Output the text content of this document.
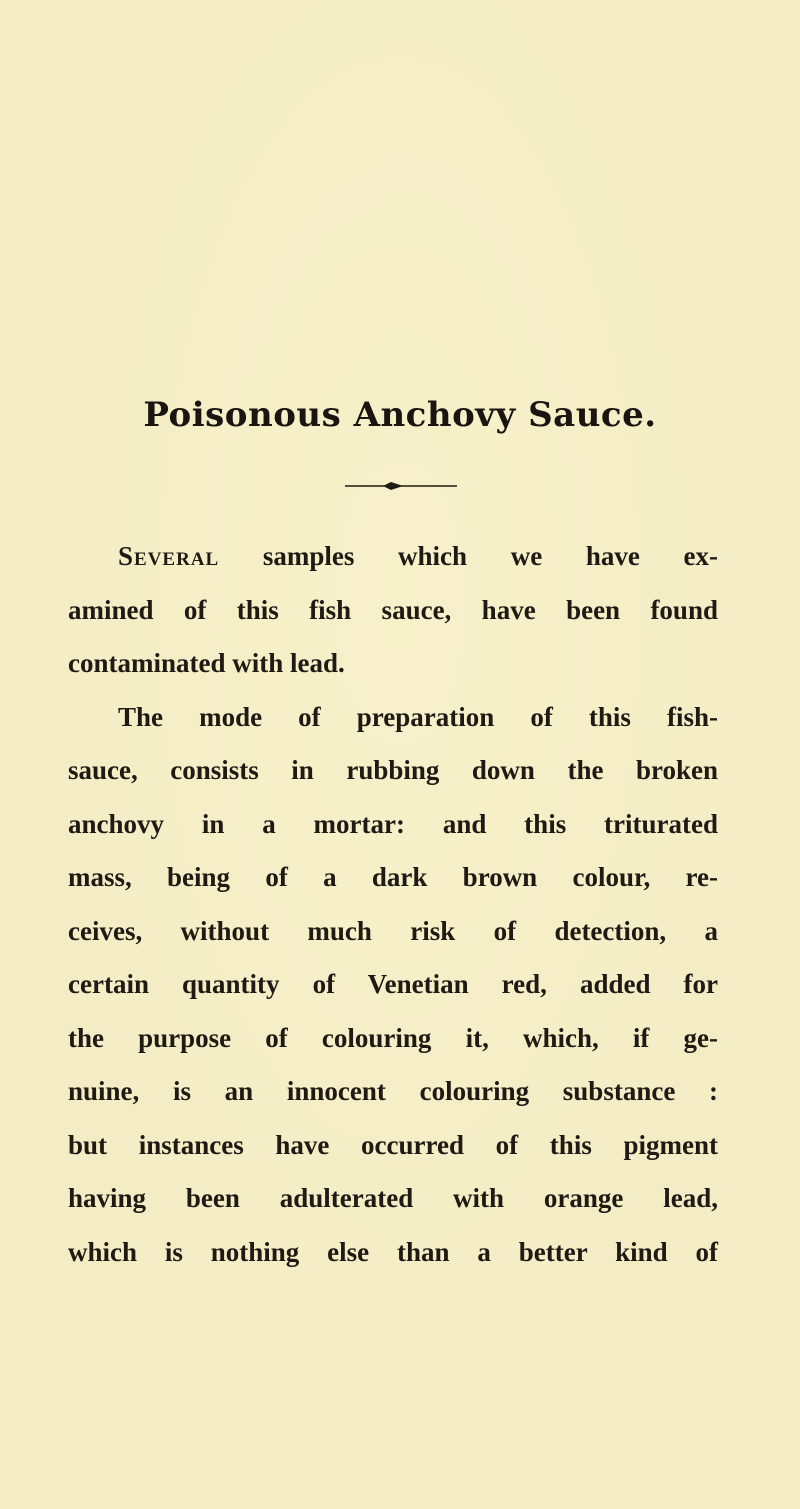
Poisonous Anchovy Sauce.
Several samples which we have ex-
amined of this fish sauce, have been found
contaminated with lead.
The mode of preparation of this fish-
sauce, consists in rubbing down the broken
anchovy in a mortar: and this triturated
mass, being of a dark brown colour, re-
ceives, without much risk of detection, a
certain quantity of Venetian red, added for
the purpose of colouring it, which, if ge-
nuine, is an innocent colouring substance :
but instances have occurred of this pigment
having been adulterated with orange lead,
which is nothing else than a better kind of
